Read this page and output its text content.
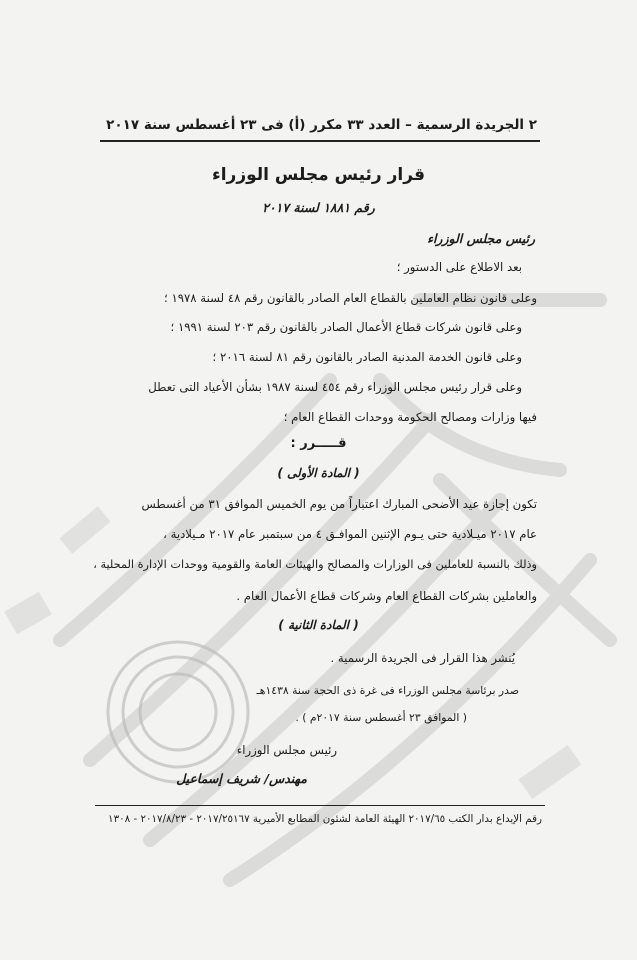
٢ الجريدة الرسمية – العدد ٣٣ مكرر (أ) فى ٢٣ أغسطس سنة ٢٠١٧
قرار رئيس مجلس الوزراء
رقم ١٨٨١ لسنة ٢٠١٧
رئيس مجلس الوزراء
بعد الاطلاع على الدستور ؛
وعلى قانون نظام العاملين بالقطاع العام الصادر بالقانون رقم ٤٨ لسنة ١٩٧٨ ؛
وعلى قانون شركات قطاع الأعمال الصادر بالقانون رقم ٢٠٣ لسنة ١٩٩١ ؛
وعلى قانون الخدمة المدنية الصادر بالقانون رقم ٨١ لسنة ٢٠١٦ ؛
وعلى قرار رئيس مجلس الوزراء رقم ٤٥٤ لسنة ١٩٨٧ بشأن الأعياد التى تعطل
فيها وزارات ومصالح الحكومة ووحدات القطاع العام ؛
قـــــرر :
( المادة الأولى )
تكون إجازة عيد الأضحى المبارك اعتباراً من يوم الخميس الموافق ٣١ من أغسطس
عام ٢٠١٧ ميـلادية حتى يـوم الإثنين الموافـق ٤ من سبتمبر عام ٢٠١٧ مـيلادية ،
وذلك بالنسبة للعاملين فى الوزارات والمصالح والهيئات العامة والقومية ووحدات الإدارة المحلية ،
والعاملين بشركات القطاع العام وشركات قطاع الأعمال العام .
( المادة الثانية )
يُنشر هذا القرار فى الجريدة الرسمية .
صدر برئاسة مجلس الوزراء فى غرة ذى الحجة سنة ١٤٣٨هـ
( الموافق ٢٣ أغسطس سنة ٢٠١٧م ) .
رئيس مجلس الوزراء
مهندس/ شريف إسماعيل
رقم الإيداع بدار الكتب ٢٠١٧/٦٥ الهيئة العامة لشئون المطابع الأميرية ٢٠١٧/٢٥١٦٧ - ٢٠١٧/٨/٢٣ - ١٣٠٨
